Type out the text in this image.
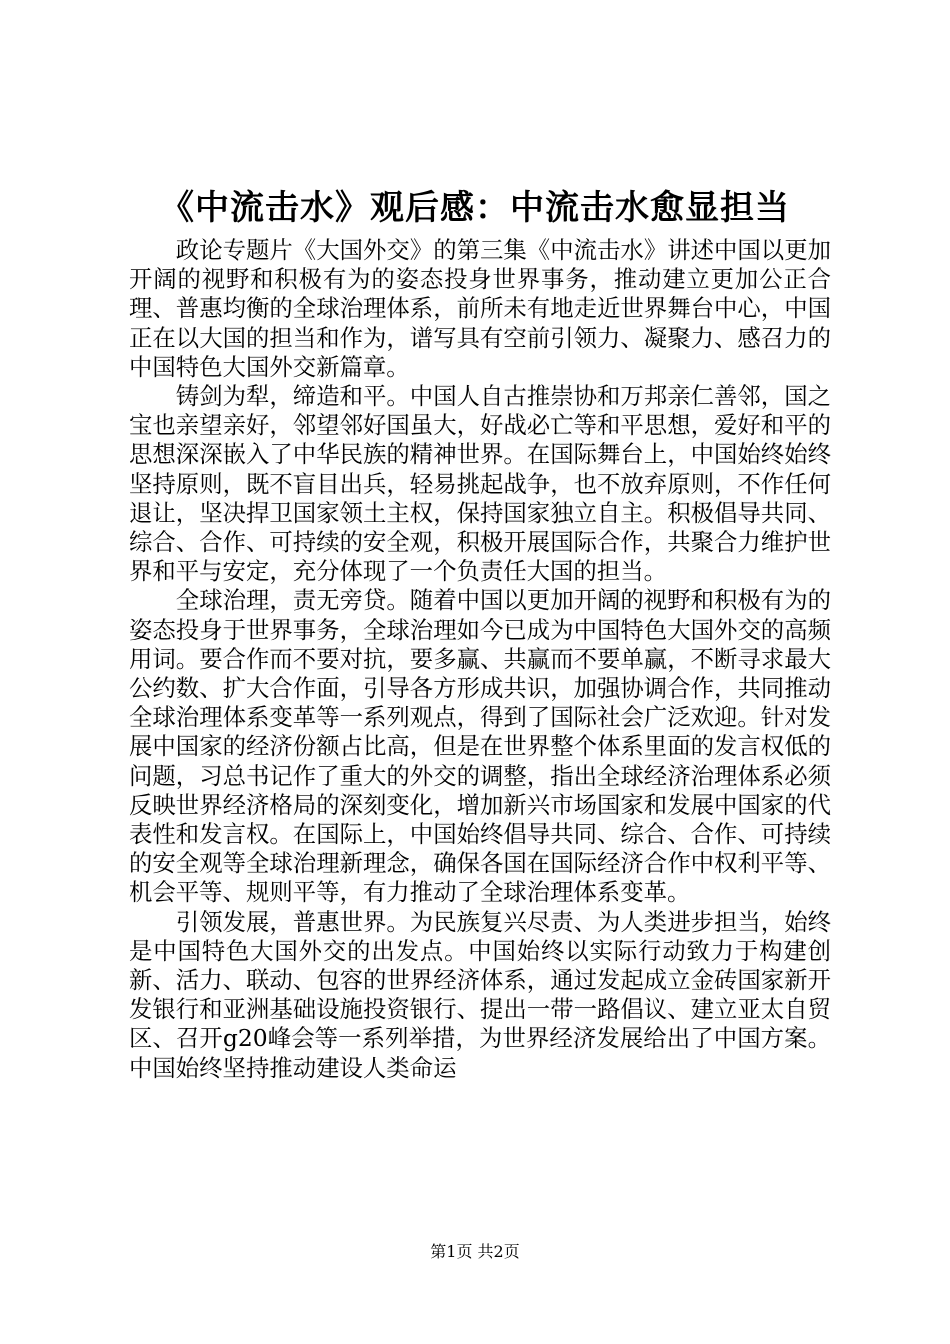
《中流击水》观后感：中流击水愈显担当

政论专题片《大国外交》的第三集《中流击水》讲述中国以更加开阔的视野和积极有为的姿态投身世界事务，推动建立更加公正合理、普惠均衡的全球治理体系，前所未有地走近世界舞台中心，中国正在以大国的担当和作为，谱写具有空前引领力、凝聚力、感召力的中国特色大国外交新篇章。

铸剑为犁，缔造和平。中国人自古推崇协和万邦亲仁善邻，国之宝也亲望亲好，邻望邻好国虽大，好战必亡等和平思想，爱好和平的思想深深嵌入了中华民族的精神世界。在国际舞台上，中国始终始终坚持原则，既不盲目出兵，轻易挑起战争，也不放弃原则，不作任何退让，坚决捍卫国家领土主权，保持国家独立自主。积极倡导共同、综合、合作、可持续的安全观，积极开展国际合作，共聚合力维护世界和平与安定，充分体现了一个负责任大国的担当。

全球治理，责无旁贷。随着中国以更加开阔的视野和积极有为的姿态投身于世界事务，全球治理如今已成为中国特色大国外交的高频用词。要合作而不要对抗，要多赢、共赢而不要单赢，不断寻求最大公约数、扩大合作面，引导各方形成共识，加强协调合作，共同推动全球治理体系变革等一系列观点，得到了国际社会广泛欢迎。针对发展中国家的经济份额占比高，但是在世界整个体系里面的发言权低的问题，习总书记作了重大的外交的调整，指出全球经济治理体系必须反映世界经济格局的深刻变化，增加新兴市场国家和发展中国家的代表性和发言权。在国际上，中国始终倡导共同、综合、合作、可持续的安全观等全球治理新理念，确保各国在国际经济合作中权利平等、机会平等、规则平等，有力推动了全球治理体系变革。

引领发展，普惠世界。为民族复兴尽责、为人类进步担当，始终是中国特色大国外交的出发点。中国始终以实际行动致力于构建创新、活力、联动、包容的世界经济体系，通过发起成立金砖国家新开发银行和亚洲基础设施投资银行、提出一带一路倡议、建立亚太自贸区、召开g20峰会等一系列举措，为世界经济发展给出了中国方案。中国始终坚持推动建设人类命运

第1页 共2页
